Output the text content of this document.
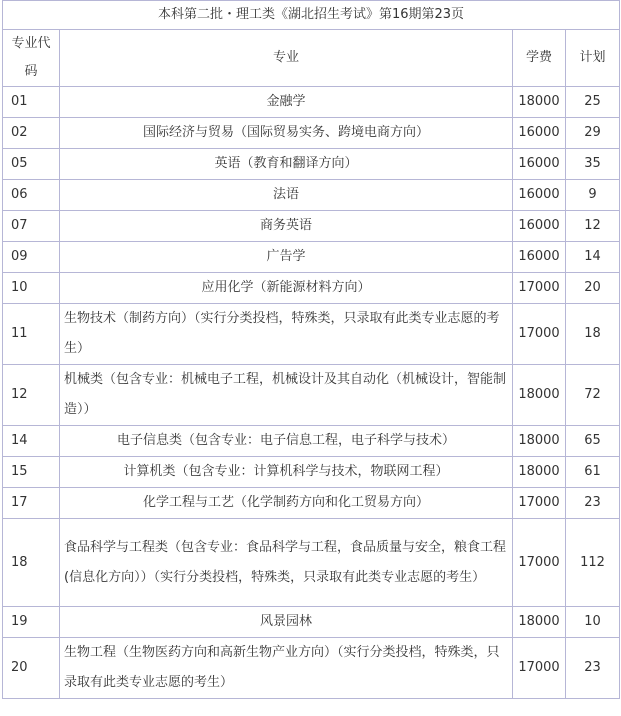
本科第二批・理工类《湖北招生考试》第16期第23页			
专业代码	专业	学费	计划
01	金融学	18000	25
02	国际经济与贸易（国际贸易实务、跨境电商方向）	16000	29
05	英语（教育和翻译方向）	16000	35
06	法语	16000	9
07	商务英语	16000	12
09	广告学	16000	14
10	应用化学（新能源材料方向）	17000	20
11	生物技术（制药方向）（实行分类投档，特殊类，只录取有此类专业志愿的考生）	17000	18
12	机械类（包含专业：机械电子工程，机械设计及其自动化（机械设计，智能制造））	18000	72
14	电子信息类（包含专业：电子信息工程，电子科学与技术）	18000	65
15	计算机类（包含专业：计算机科学与技术，物联网工程）	18000	61
17	化学工程与工艺（化学制药方向和化工贸易方向）	17000	23
18	食品科学与工程类（包含专业：食品科学与工程，食品质量与安全，粮食工程(信息化方向））（实行分类投档，特殊类，只录取有此类专业志愿的考生）	17000	112
19	风景园林	18000	10
20	生物工程（生物医药方向和高新生物产业方向）（实行分类投档，特殊类，只录取有此类专业志愿的考生）	17000	23
